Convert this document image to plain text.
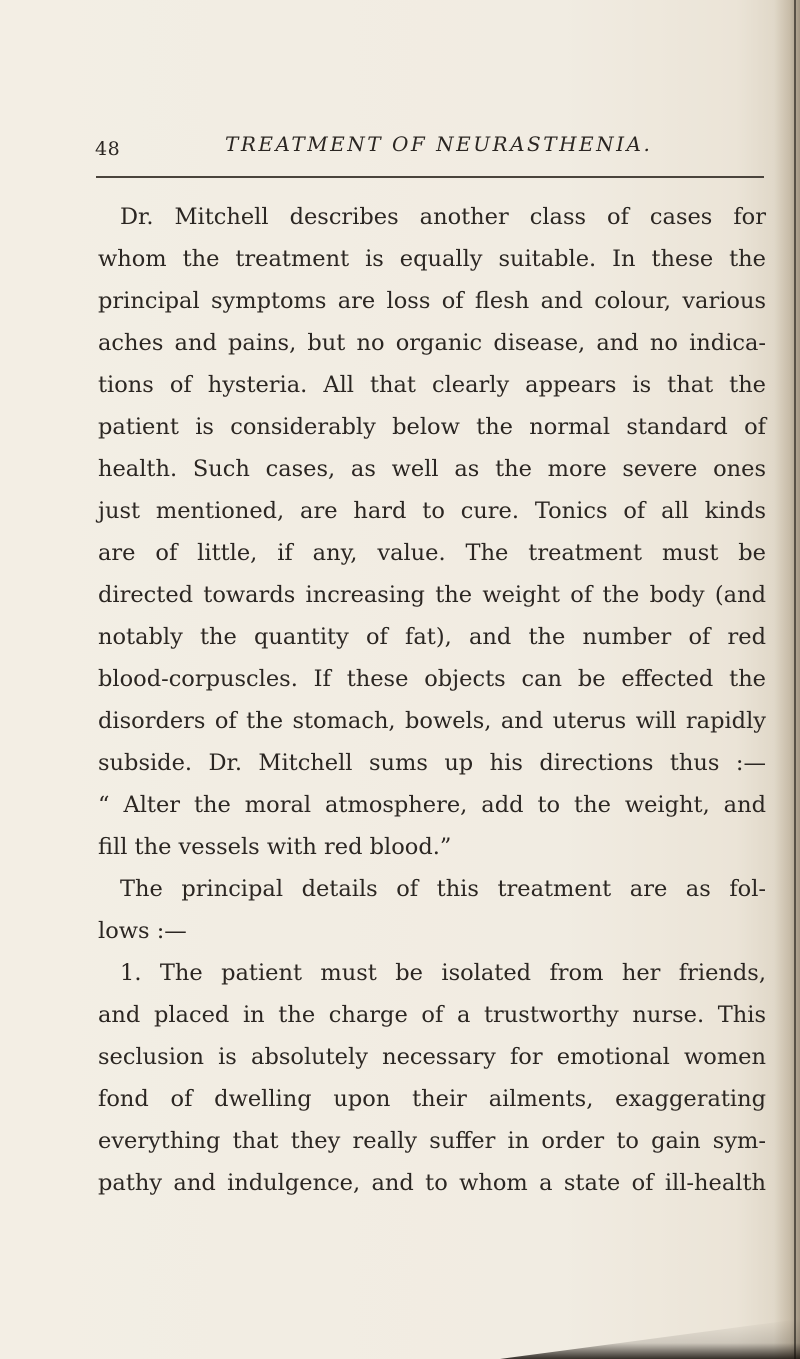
48	TREATMENT OF NEURASTHENIA.
Dr. Mitchell describes another class of cases for
whom the treatment is equally suitable. In these the
principal symptoms are loss of flesh and colour, various
aches and pains, but no organic disease, and no indica-
tions of hysteria. All that clearly appears is that the
patient is considerably below the normal standard of
health. Such cases, as well as the more severe ones
just mentioned, are hard to cure. Tonics of all kinds
are of little, if any, value. The treatment must be
directed towards increasing the weight of the body (and
notably the quantity of fat), and the number of red
blood-corpuscles. If these objects can be effected the
disorders of the stomach, bowels, and uterus will rapidly
subside. Dr. Mitchell sums up his directions thus :—
“ Alter the moral atmosphere, add to the weight, and
fill the vessels with red blood.”
The principal details of this treatment are as fol-
lows :—
1. The patient must be isolated from her friends,
and placed in the charge of a trustworthy nurse. This
seclusion is absolutely necessary for emotional women
fond of dwelling upon their ailments, exaggerating
everything that they really suffer in order to gain sym-
pathy and indulgence, and to whom a state of ill-health
